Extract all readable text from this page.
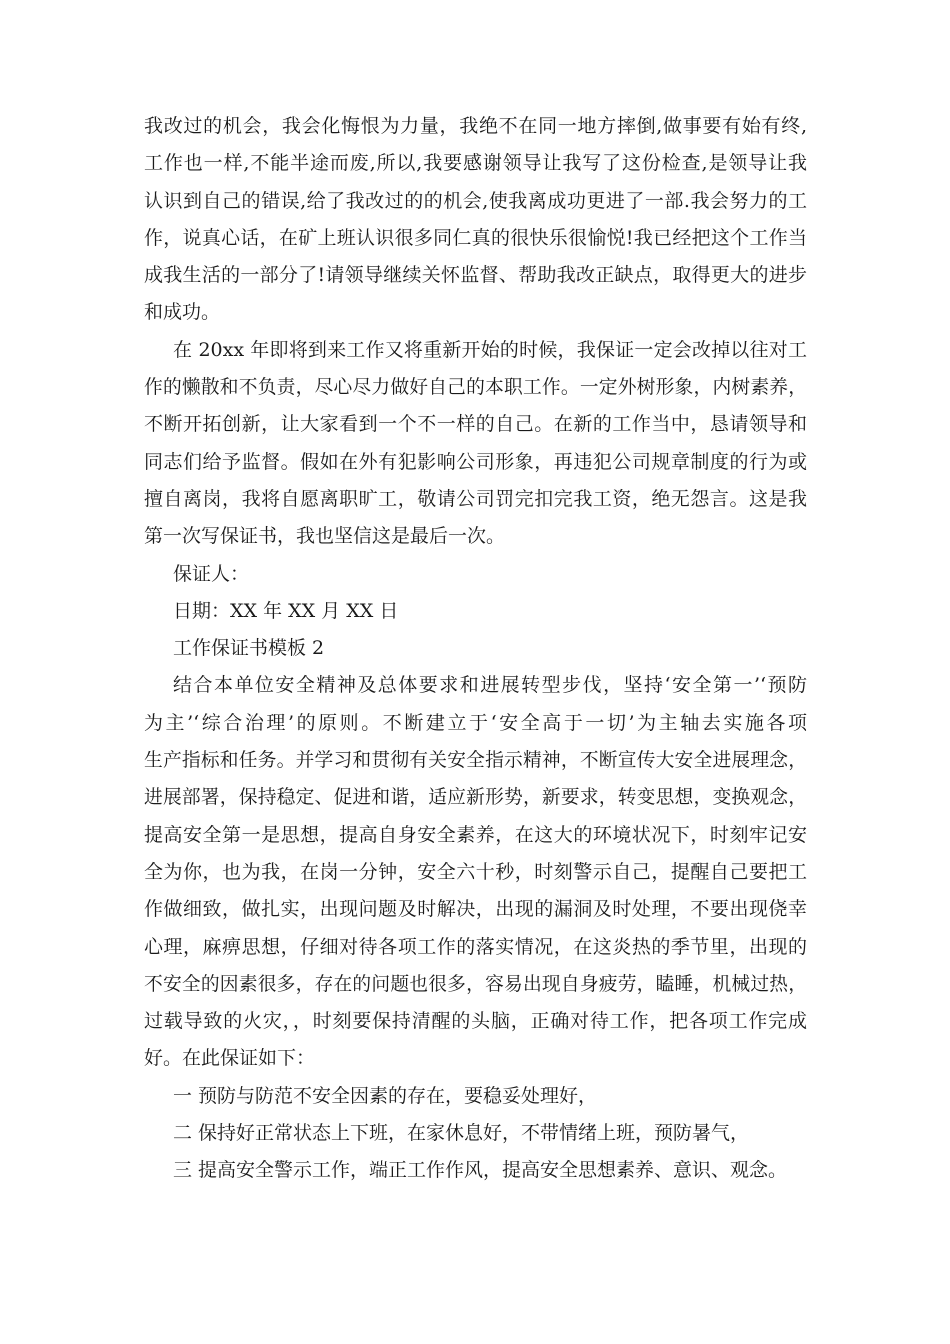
我改过的机会，我会化悔恨为力量，我绝不在同一地方摔倒,做事要有始有终,
工作也一样,不能半途而废,所以,我要感谢领导让我写了这份检查,是领导让我
认识到自己的错误,给了我改过的的机会,使我离成功更进了一部.我会努力的工
作，说真心话，在矿上班认识很多同仁真的很快乐很愉悦!我已经把这个工作当
成我生活的一部分了!请领导继续关怀监督、帮助我改正缺点，取得更大的进步
和成功。
在 20xx 年即将到来工作又将重新开始的时候，我保证一定会改掉以往对工
作的懒散和不负责，尽心尽力做好自己的本职工作。一定外树形象，内树素养，
不断开拓创新，让大家看到一个不一样的自己。在新的工作当中，恳请领导和
同志们给予监督。假如在外有犯影响公司形象，再违犯公司规章制度的行为或
擅自离岗，我将自愿离职旷工，敬请公司罚完扣完我工资，绝无怨言。这是我
第一次写保证书，我也坚信这是最后一次。
保证人：
日期：XX 年 XX 月 XX 日
工作保证书模板 2
结合本单位安全精神及总体要求和进展转型步伐，坚持‘安全第一’‘预防
为主’‘综合治理’的原则。不断建立于‘安全高于一切’为主轴去实施各项
生产指标和任务。并学习和贯彻有关安全指示精神，不断宣传大安全进展理念，
进展部署，保持稳定、促进和谐，适应新形势，新要求，转变思想，变换观念，
提高安全第一是思想，提高自身安全素养，在这大的环境状况下，时刻牢记安
全为你，也为我，在岗一分钟，安全六十秒，时刻警示自己，提醒自己要把工
作做细致，做扎实，出现问题及时解决，出现的漏洞及时处理，不要出现侥幸
心理，麻痹思想，仔细对待各项工作的落实情况，在这炎热的季节里，出现的
不安全的因素很多，存在的问题也很多，容易出现自身疲劳，瞌睡，机械过热，
过载导致的火灾，，时刻要保持清醒的头脑，正确对待工作，把各项工作完成
好。在此保证如下：
一 预防与防范不安全因素的存在，要稳妥处理好，
二 保持好正常状态上下班，在家休息好，不带情绪上班，预防暑气，
三 提高安全警示工作，端正工作作风，提高安全思想素养、意识、观念。
